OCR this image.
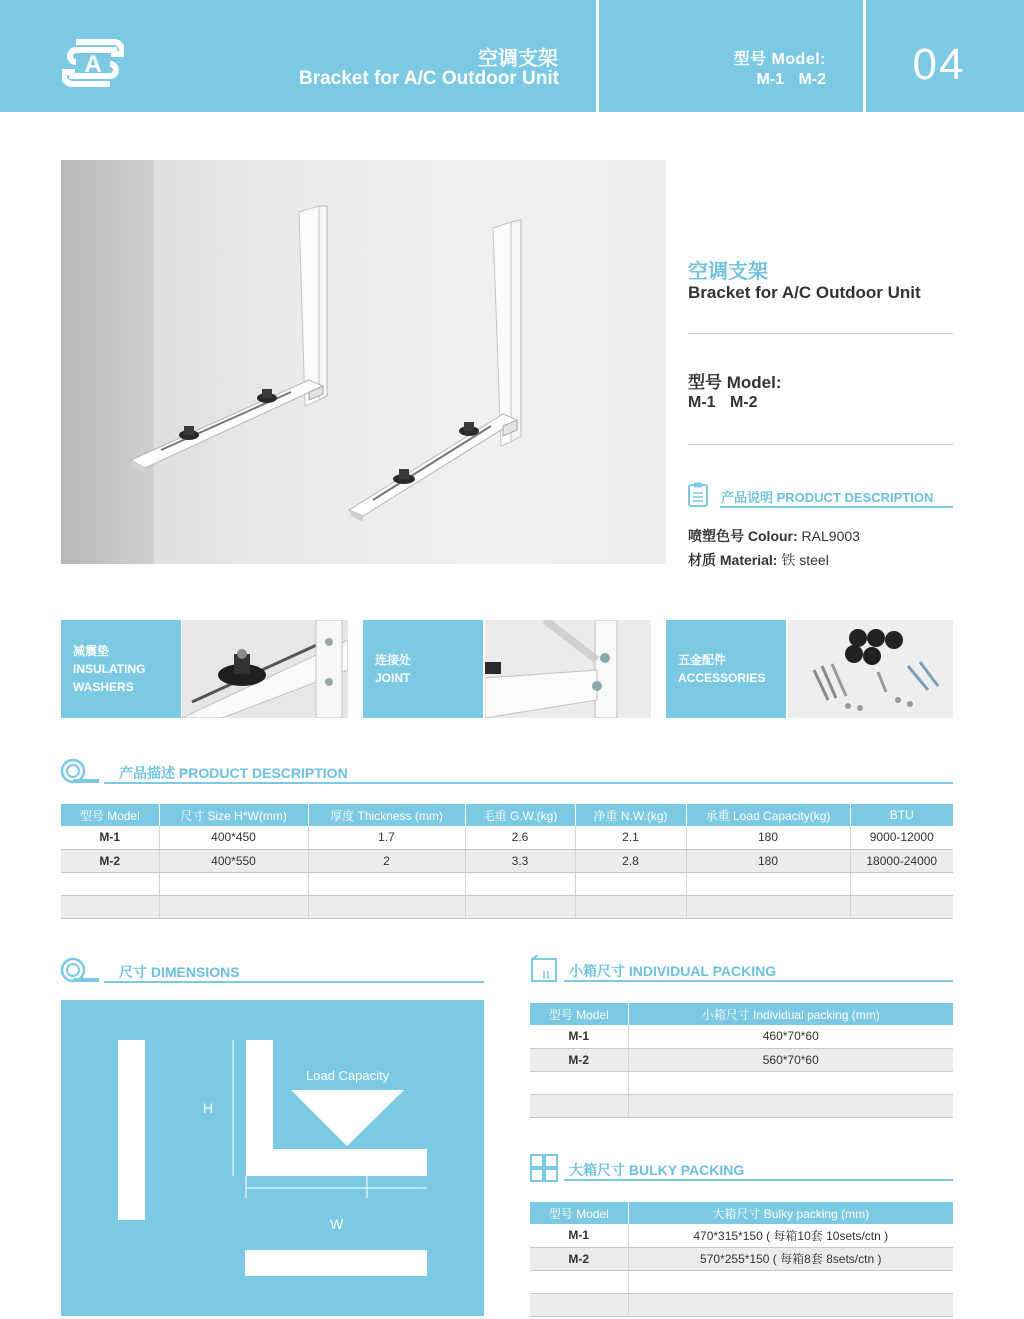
A	空调支架
Bracket for A/C Outdoor Unit
型号 Model:
M-1 M-2	04
空调支架
Bracket for A/C Outdoor Unit
型号 Model:
M-1 M-2
产品说明 PRODUCT DESCRIPTION
喷塑色号 Colour: RAL9003
材质 Material: 铁 steel
减震垫
INSULATING
WASHERS
连接处
JOINT
五金配件
ACCESSORIES
产品描述 PRODUCT DESCRIPTION
型号 Model	尺寸 Size H*W(mm)	厚度 Thickness (mm)	毛重 G.W.(kg)	净重 N.W.(kg)	承重 Load Capacity(kg)	BTU
M-1	400*450	1.7	2.6	2.1	180	9000-12000
M-2	400*550	2	3.3	2.8	180	18000-24000

尺寸 DIMENSIONS
Load Capacity
H
W
小箱尺寸 INDIVIDUAL PACKING
型号 Model	小箱尺寸 Individual packing (mm)
M-1	460*70*60
M-2	560*70*60

大箱尺寸 BULKY PACKING
型号 Model	大箱尺寸 Bulky packing (mm)
M-1	470*315*150 ( 每箱10套 10sets/ctn )
M-2	570*255*150 ( 每箱8套 8sets/ctn )
